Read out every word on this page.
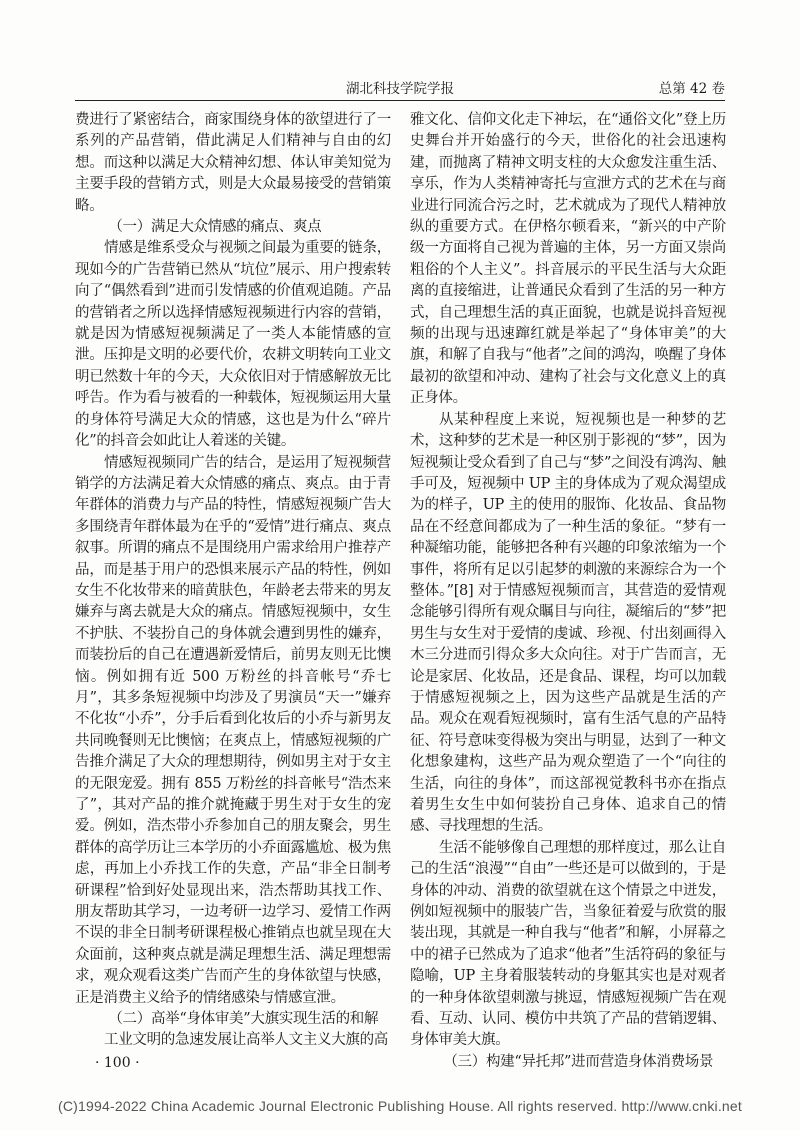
湖北科技学院学报	总第 42 卷

费进行了紧密结合，商家围绕身体的欲望进行了一系列的产品营销，借此满足人们精神与自由的幻想。而这种以满足大众精神幻想、体认审美知觉为主要手段的营销方式，则是大众最易接受的营销策略。

（一）满足大众情感的痛点、爽点

情感是维系受众与视频之间最为重要的链条，现如今的广告营销已然从“坑位”展示、用户搜索转向了“偶然看到”进而引发情感的价值观追随。产品的营销者之所以选择情感短视频进行内容的营销，就是因为情感短视频满足了一类人本能情感的宣泄。压抑是文明的必要代价，农耕文明转向工业文明已然数十年的今天，大众依旧对于情感解放无比呼告。作为看与被看的一种载体，短视频运用大量的身体符号满足大众的情感，这也是为什么“碎片化”的抖音会如此让人着迷的关键。

情感短视频同广告的结合，是运用了短视频营销学的方法满足着大众情感的痛点、爽点。由于青年群体的消费力与产品的特性，情感短视频广告大多围绕青年群体最为在乎的“爱情”进行痛点、爽点叙事。所谓的痛点不是围绕用户需求给用户推荐产品，而是基于用户的恐惧来展示产品的特性，例如女生不化妆带来的暗黄肤色，年龄老去带来的男友嫌弃与离去就是大众的痛点。情感短视频中，女生不护肤、不装扮自己的身体就会遭到男性的嫌弃，而装扮后的自己在遭遇新爱情后，前男友则无比懊恼。例如拥有近 500 万粉丝的抖音帐号“乔七月”，其多条短视频中均涉及了男演员“天一”嫌弃不化妆“小乔”，分手后看到化妆后的小乔与新男友共同晚餐则无比懊恼；在爽点上，情感短视频的广告推介满足了大众的理想期待，例如男主对于女主的无限宠爱。拥有 855 万粉丝的抖音帐号“浩杰来了”，其对产品的推介就掩藏于男生对于女生的宠爱。例如，浩杰带小乔参加自己的朋友聚会，男生群体的高学历让三本学历的小乔面露尴尬、极为焦虑，再加上小乔找工作的失意，产品“非全日制考研课程”恰到好处显现出来，浩杰帮助其找工作、朋友帮助其学习，一边考研一边学习、爱情工作两不误的非全日制考研课程极心推销点也就呈现在大众面前，这种爽点就是满足理想生活、满足理想需求，观众观看这类广告而产生的身体欲望与快感，正是消费主义给予的情绪感染与情感宣泄。

（二）高举“身体审美”大旗实现生活的和解

工业文明的急速发展让高举人文主义大旗的高

雅文化、信仰文化走下神坛，在“通俗文化”登上历史舞台并开始盛行的今天，世俗化的社会迅速构建，而抛离了精神文明支柱的大众愈发注重生活、享乐，作为人类精神寄托与宣泄方式的艺术在与商业进行同流合污之时，艺术就成为了现代人精神放纵的重要方式。在伊格尔顿看来，“新兴的中产阶级一方面将自己视为普遍的主体，另一方面又崇尚粗俗的个人主义”。抖音展示的平民生活与大众距离的直接缩进，让普通民众看到了生活的另一种方式，自己理想生活的真正面貌，也就是说抖音短视频的出现与迅速蹿红就是举起了“身体审美”的大旗，和解了自我与“他者”之间的鸿沟，唤醒了身体最初的欲望和冲动、建构了社会与文化意义上的真正身体。

从某种程度上来说，短视频也是一种梦的艺术，这种梦的艺术是一种区别于影视的“梦”，因为短视频让受众看到了自己与“梦”之间没有鸿沟、触手可及，短视频中 UP 主的身体成为了观众渴望成为的样子，UP 主的使用的服饰、化妆品、食品物品在不经意间都成为了一种生活的象征。“梦有一种凝缩功能，能够把各种有兴趣的印象浓缩为一个事件，将所有足以引起梦的刺激的来源综合为一个整体。”[8] 对于情感短视频而言，其营造的爱情观念能够引得所有观众瞩目与向往，凝缩后的“梦”把男生与女生对于爱情的虔诚、珍视、付出刻画得入木三分进而引得众多大众向往。对于广告而言，无论是家居、化妆品，还是食品、课程，均可以加载于情感短视频之上，因为这些产品就是生活的产品。观众在观看短视频时，富有生活气息的产品特征、符号意味变得极为突出与明显，达到了一种文化想象建构，这些产品为观众塑造了一个“向往的生活，向往的身体”，而这部视觉教科书亦在指点着男生女生中如何装扮自己身体、追求自己的情感、寻找理想的生活。

生活不能够像自己理想的那样度过，那么让自己的生活“浪漫”“自由”一些还是可以做到的，于是身体的冲动、消费的欲望就在这个情景之中迸发，例如短视频中的服装广告，当象征着爱与欣赏的服装出现，其就是一种自我与“他者”和解，小屏幕之中的裙子已然成为了追求“他者”生活符码的象征与隐喻，UP 主身着服装转动的身躯其实也是对观者的一种身体欲望刺激与挑逗，情感短视频广告在观看、互动、认同、模仿中共筑了产品的营销逻辑、身体审美大旗。

（三）构建“异托邦”进而营造身体消费场景

· 100 ·
(C)1994-2022 China Academic Journal Electronic Publishing House. All rights reserved. http://www.cnki.net
